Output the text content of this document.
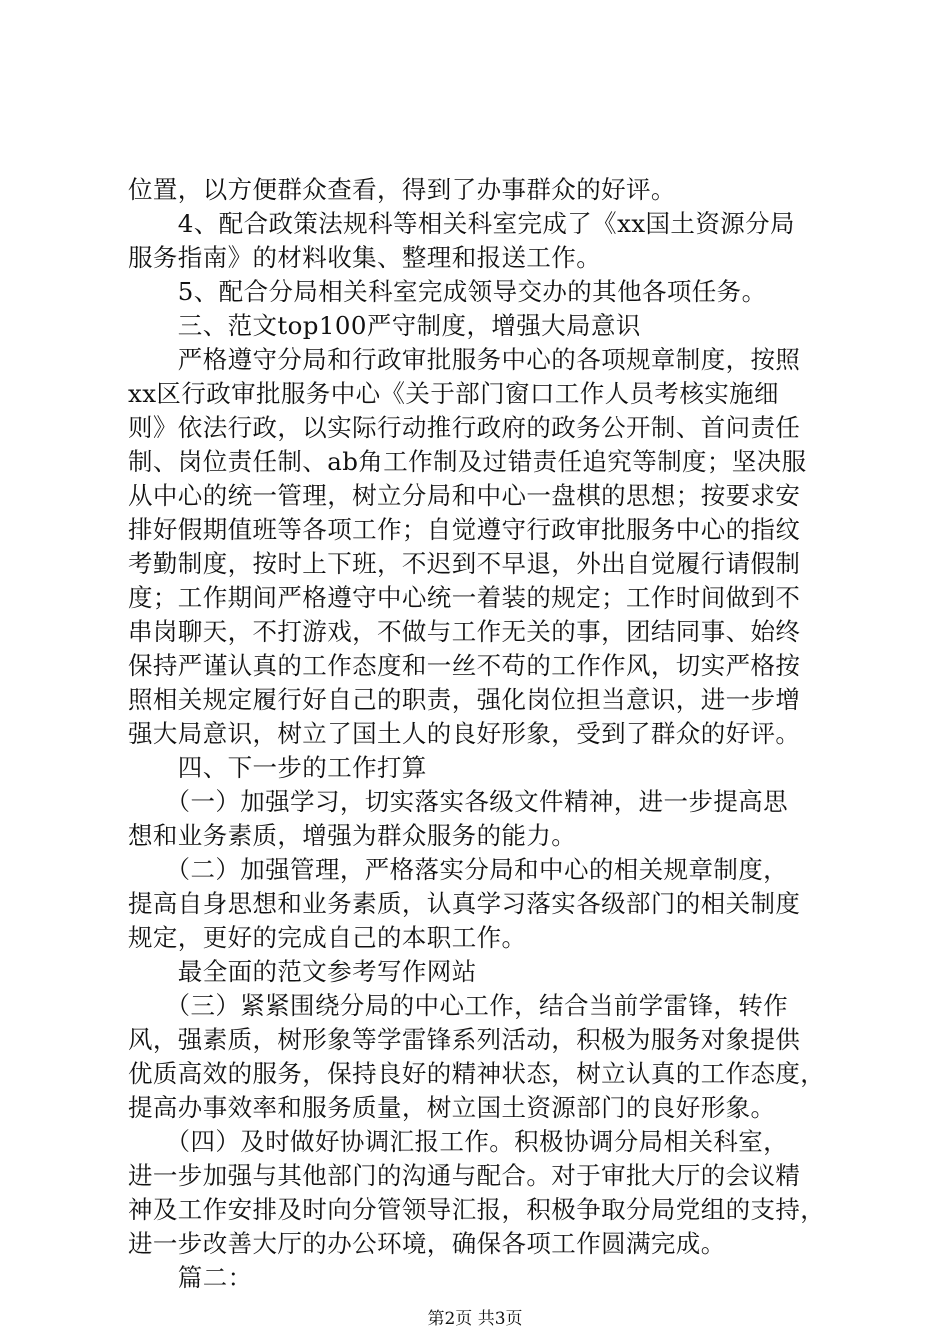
位置，以方便群众查看，得到了办事群众的好评。
　　4、配合政策法规科等相关科室完成了《xx国土资源分局
服务指南》的材料收集、整理和报送工作。
　　5、配合分局相关科室完成领导交办的其他各项任务。
　　三、范文top100严守制度，增强大局意识
　　严格遵守分局和行政审批服务中心的各项规章制度，按照
xx区行政审批服务中心《关于部门窗口工作人员考核实施细
则》依法行政，以实际行动推行政府的政务公开制、首问责任
制、岗位责任制、ab角工作制及过错责任追究等制度；坚决服
从中心的统一管理，树立分局和中心一盘棋的思想；按要求安
排好假期值班等各项工作；自觉遵守行政审批服务中心的指纹
考勤制度，按时上下班，不迟到不早退，外出自觉履行请假制
度；工作期间严格遵守中心统一着装的规定；工作时间做到不
串岗聊天，不打游戏，不做与工作无关的事，团结同事、始终
保持严谨认真的工作态度和一丝不苟的工作作风，切实严格按
照相关规定履行好自己的职责，强化岗位担当意识，进一步增
强大局意识，树立了国土人的良好形象，受到了群众的好评。
　　四、下一步的工作打算
　　（一）加强学习，切实落实各级文件精神，进一步提高思
想和业务素质，增强为群众服务的能力。
　　（二）加强管理，严格落实分局和中心的相关规章制度，
提高自身思想和业务素质，认真学习落实各级部门的相关制度
规定，更好的完成自己的本职工作。
　　最全面的范文参考写作网站
　　（三）紧紧围绕分局的中心工作，结合当前学雷锋，转作
风，强素质，树形象等学雷锋系列活动，积极为服务对象提供
优质高效的服务，保持良好的精神状态，树立认真的工作态度，
提高办事效率和服务质量，树立国土资源部门的良好形象。
　　（四）及时做好协调汇报工作。积极协调分局相关科室，
进一步加强与其他部门的沟通与配合。对于审批大厅的会议精
神及工作安排及时向分管领导汇报，积极争取分局党组的支持，
进一步改善大厅的办公环境，确保各项工作圆满完成。
　　篇二：
第2页 共3页
